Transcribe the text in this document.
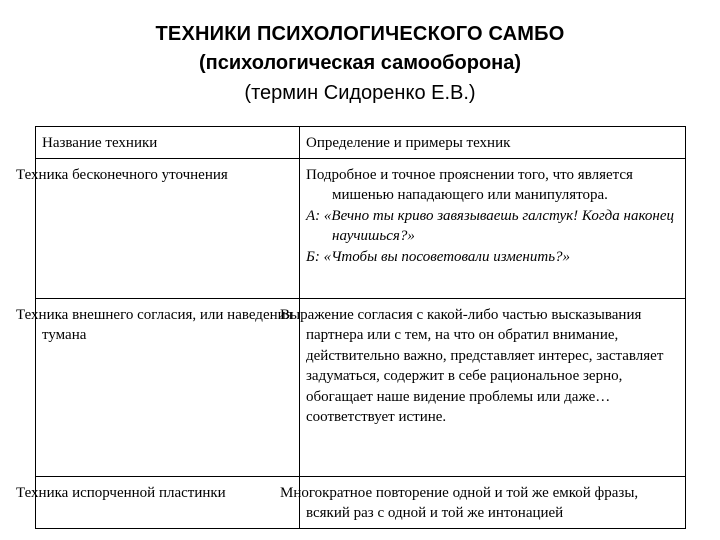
ТЕХНИКИ ПСИХОЛОГИЧЕСКОГО САМБО
(психологическая самооборона)
(термин Сидоренко Е.В.)
Название техники	Определение и примеры техник
Техника бесконечного уточнения	Подробное и точное прояснении того, что является мишенью нападающего или манипулятора.
А: «Вечно ты криво завязываешь галстук! Когда наконец научишься?»
Б: «Чтобы вы посоветовали изменить?»

Техника внешнего согласия, или наведения тумана	Выражение согласия с какой-либо частью высказывания партнера или с тем, на что он обратил внимание, действительно важно, представляет интерес, заставляет задуматься, содержит в себе рациональное зерно, обогащает наше видение проблемы или даже…соответствует истине.
Техника испорченной пластинки	Многократное повторение одной и той же емкой фразы, всякий раз с одной и той же интонацией
